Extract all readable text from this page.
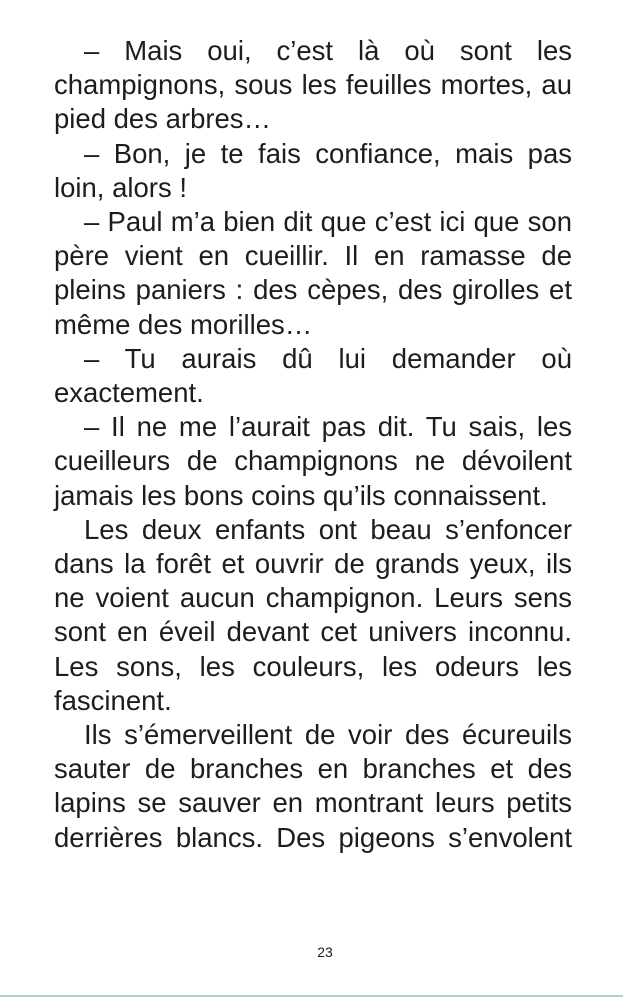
– Mais oui, c’est là où sont les champignons, sous les feuilles mortes, au pied des arbres…

– Bon, je te fais confiance, mais pas loin, alors !

– Paul m’a bien dit que c’est ici que son père vient en cueillir. Il en ramasse de pleins paniers : des cèpes, des girolles et même des morilles…

– Tu aurais dû lui demander où exactement.

– Il ne me l’aurait pas dit. Tu sais, les cueilleurs de champignons ne dévoilent jamais les bons coins qu’ils connaissent.

Les deux enfants ont beau s’enfoncer dans la forêt et ouvrir de grands yeux, ils ne voient aucun champignon. Leurs sens sont en éveil devant cet univers inconnu. Les sons, les couleurs, les odeurs les fascinent.

Ils s’émerveillent de voir des écureuils sauter de branches en branches et des lapins se sauver en montrant leurs petits derrières blancs. Des pigeons s’envolent

23
